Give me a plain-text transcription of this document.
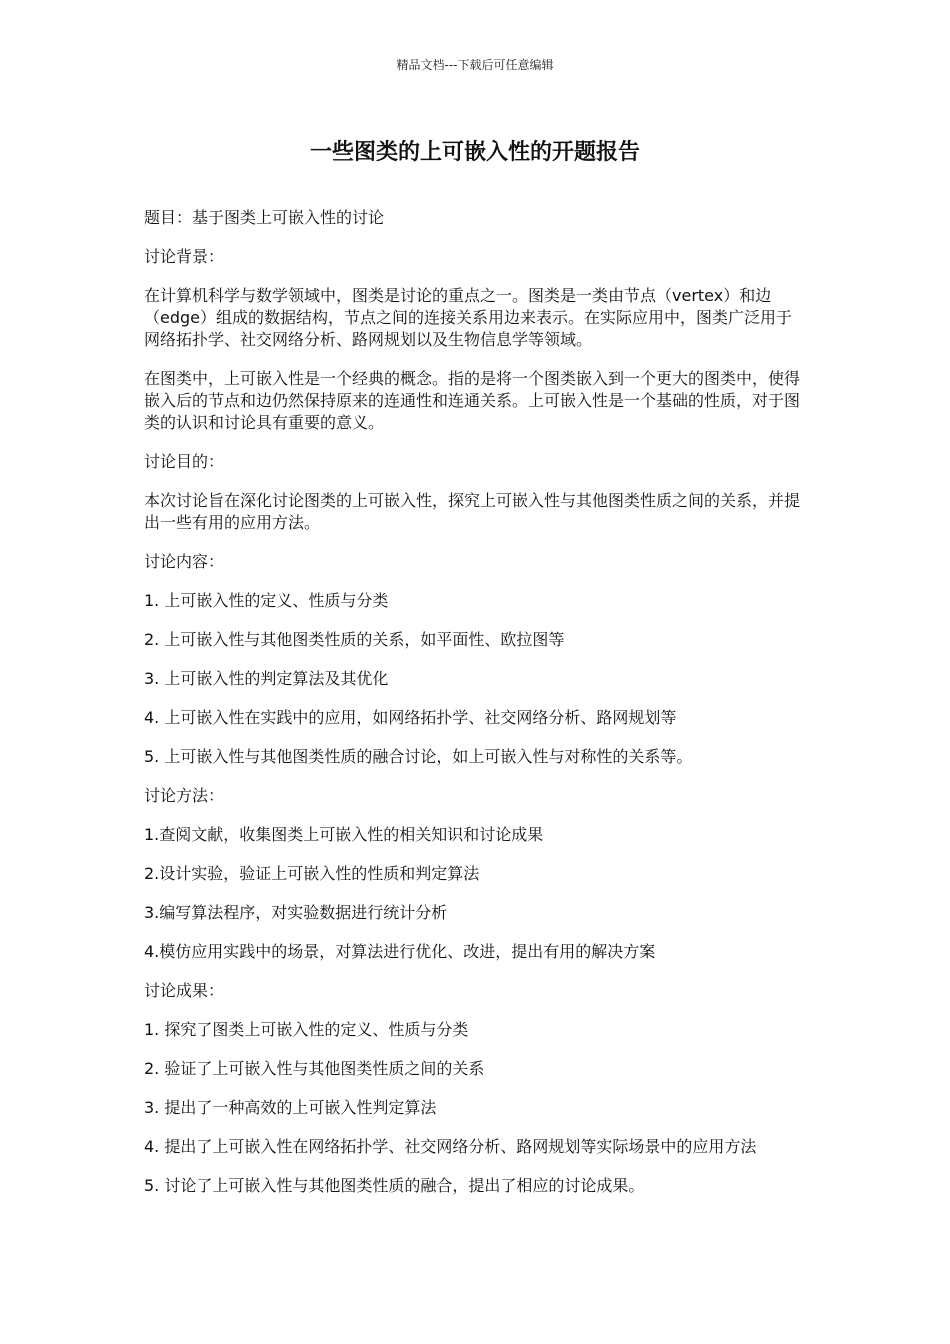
精品文档---下载后可任意编辑
一些图类的上可嵌入性的开题报告

题目：基于图类上可嵌入性的讨论

讨论背景：

在计算机科学与数学领域中，图类是讨论的重点之一。图类是一类由节点（vertex）和边（edge）组成的数据结构，节点之间的连接关系用边来表示。在实际应用中，图类广泛用于网络拓扑学、社交网络分析、路网规划以及生物信息学等领域。

在图类中，上可嵌入性是一个经典的概念。指的是将一个图类嵌入到一个更大的图类中，使得嵌入后的节点和边仍然保持原来的连通性和连通关系。上可嵌入性是一个基础的性质，对于图类的认识和讨论具有重要的意义。

讨论目的：

本次讨论旨在深化讨论图类的上可嵌入性，探究上可嵌入性与其他图类性质之间的关系，并提出一些有用的应用方法。

讨论内容：

1. 上可嵌入性的定义、性质与分类

2. 上可嵌入性与其他图类性质的关系，如平面性、欧拉图等

3. 上可嵌入性的判定算法及其优化

4. 上可嵌入性在实践中的应用，如网络拓扑学、社交网络分析、路网规划等

5. 上可嵌入性与其他图类性质的融合讨论，如上可嵌入性与对称性的关系等。

讨论方法：

1.查阅文献，收集图类上可嵌入性的相关知识和讨论成果

2.设计实验，验证上可嵌入性的性质和判定算法

3.编写算法程序，对实验数据进行统计分析

4.模仿应用实践中的场景，对算法进行优化、改进，提出有用的解决方案

讨论成果：

1. 探究了图类上可嵌入性的定义、性质与分类

2. 验证了上可嵌入性与其他图类性质之间的关系

3. 提出了一种高效的上可嵌入性判定算法

4. 提出了上可嵌入性在网络拓扑学、社交网络分析、路网规划等实际场景中的应用方法

5. 讨论了上可嵌入性与其他图类性质的融合，提出了相应的讨论成果。
